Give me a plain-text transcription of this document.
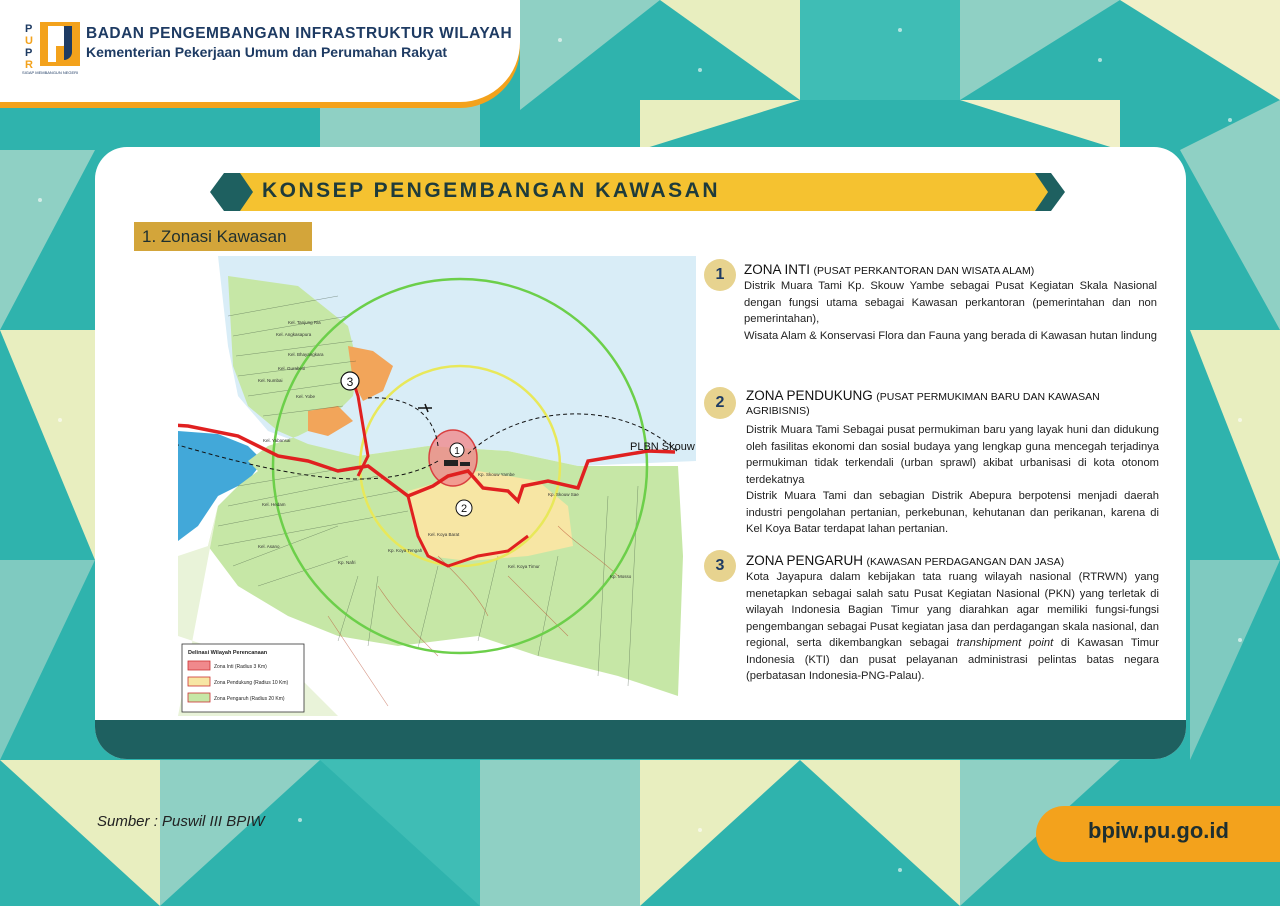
P
U
P
R
SIGAP MEMBANGUN NEGERI
BADAN PENGEMBANGAN INFRASTRUKTUR WILAYAH
Kementerian Pekerjaan Umum dan Perumahan Rakyat
KONSEP PENGEMBANGAN KAWASAN
1. Zonasi Kawasan
1
2
3
PLBN Skouw
Kel. Tanjung Ria
Kel. Angkasapura
Kel. Bhayangkara
Kel. Gurabesi
Kel. Numbai
Kel. Yobe
Kel. Yabansai
Kel. Hedam
Kel. Asano
Kp. Koya Tengah
Kel. Koya Barat
Kel. Koya Timur
Kp. Skouw Sae
Kp. Mosso
Kp. Skouw Yambe
Kp. Nafri
Delinasi Wilayah Perencanaan
Zona Inti (Radius 3 Km)
Zona Pendukung (Radius 10 Km)
Zona Pengaruh (Radius 20 Km)
1	ZONA INTI (PUSAT PERKANTORAN DAN WISATA ALAM)
Distrik Muara Tami Kp. Skouw Yambe sebagai Pusat Kegiatan Skala Nasional dengan fungsi utama sebagai Kawasan perkantoran (pemerintahan dan non pemerintahan),
Wisata Alam & Konservasi Flora dan Fauna yang berada di Kawasan hutan lindung
2	ZONA PENDUKUNG (PUSAT PERMUKIMAN BARU DAN KAWASAN AGRIBISNIS)
Distrik Muara Tami Sebagai pusat permukiman baru yang layak huni dan didukung oleh fasilitas ekonomi dan sosial budaya yang lengkap guna mencegah terjadinya permukiman tidak terkendali (urban sprawl) akibat urbanisasi di kota otonom terdekatnya
Distrik Muara Tami dan sebagian Distrik Abepura berpotensi menjadi daerah industri pengolahan pertanian, perkebunan, kehutanan dan perikanan, karena di Kel Koya Batar terdapat lahan pertanian.
3	ZONA PENGARUH (KAWASAN PERDAGANGAN DAN JASA)
Kota Jayapura dalam kebijakan tata ruang wilayah nasional (RTRWN) yang menetapkan sebagai salah satu Pusat Kegiatan Nasional (PKN) yang terletak di wilayah Indonesia Bagian Timur yang diarahkan agar memiliki fungsi-fungsi pengembangan sebagai Pusat kegiatan jasa dan perdagangan skala nasional, dan regional, serta dikembangkan sebagai transhipment point di Kawasan Timur Indonesia (KTI) dan pusat pelayanan administrasi pelintas batas negara (perbatasan Indonesia-PNG-Palau).
Sumber : Puswil III BPIW	bpiw.pu.go.id
